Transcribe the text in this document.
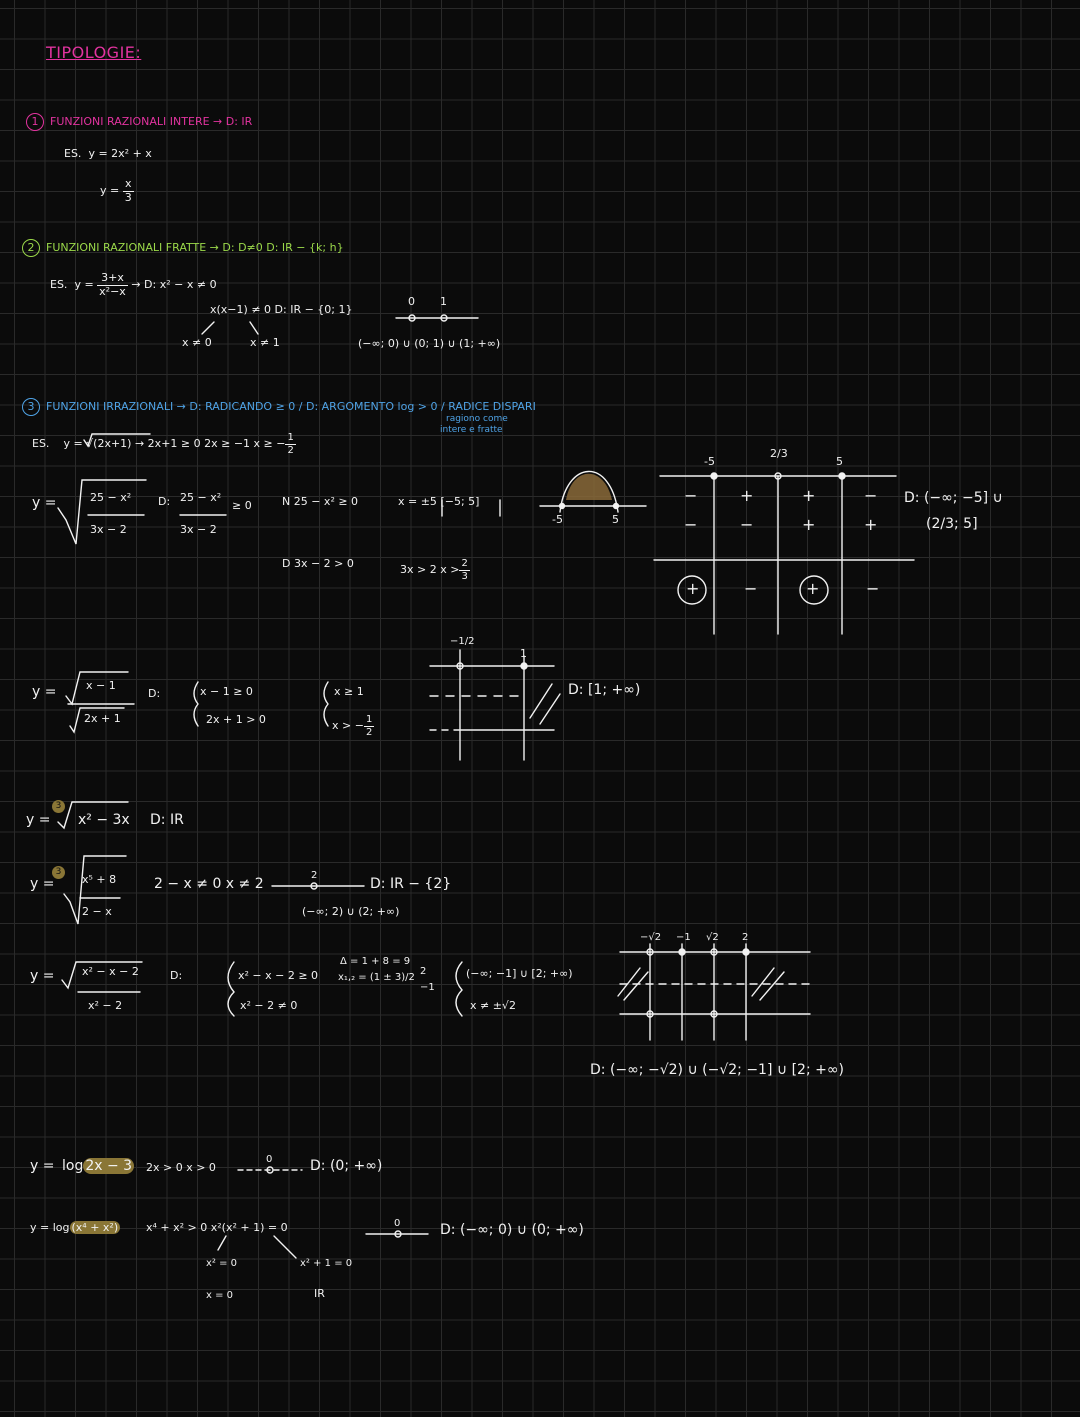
TIPOLOGIE:
1 FUNZIONI RAZIONALI INTERE → D: IR
ES. y = 2x² + x
$y = \frac{x}{3}$
2 FUNZIONI RAZIONALI FRATTE → D: D≠0 D: IR − {k; h}
ES. $y = \frac{3+x}{\text{x²−x}} \to D$: x² − x ≠ 0
x(x−1) ≠ 0 D: IR − {0; 1}
x ≠ 0	x ≠ 1
0 1
(−∞; 0) ∪ (0; 1) ∪ (1; +∞)
3 FUNZIONI IRRAZIONALI → D: RADICANDO ≥ 0 / D: ARGOMENTO log > 0 / RADICE DISPARI
ragiono come
intere e fratte
ES. y = √(2x+1) → 2x+1 ≥ 0 2x ≥ −1 x ≥ − $\frac{1}{2}$
y =	25 − x²
3x − 2
D: 25 − x²
3x − 2
≥ 0	N 25 − x² ≥ 0	x = ±5 [−5; 5]
D 3x − 2 > 0	3x > 2 $x > \frac{2}{3}$
-5	5
-5
2/3
5
−	+	+	−
−	−	+	+
+	−	+	−
D: (−∞; −5] ∪
(2/3; 5]
y =	x − 1
2x + 1
D:	x − 1 ≥ 0
2x + 1 > 0
x ≥ 1
x > − $\frac{1}{2}$
−1/2
1
D: [1; +∞)
y =
3
x² − 3x D: IR
y =
3
x⁵ + 8
2 − x
2 − x ≠ 0 x ≠ 2
2
D: IR − {2}
(−∞; 2) ∪ (2; +∞)
y =	x² − x − 2
x² − 2
D:	x² − x − 2 ≥ 0
x² − 2 ≠ 0
Δ = 1 + 8 = 9
x₁,₂ = (1 ± 3)/2
2
−1
(−∞; −1] ∪ [2; +∞)
x ≠ ±√2
−√2 −1 √2 2
D: (−∞; −√2) ∪ (−√2; −1] ∪ [2; +∞)
y = log 2x − 3 2x > 0 x > 0
0	D: (0; +∞)
y = log (x⁴ + x²)	x⁴ + x² > 0 x²(x² + 1) = 0
x² = 0	x² + 1 = 0
x = 0	IR
0	D: (−∞; 0) ∪ (0; +∞)
